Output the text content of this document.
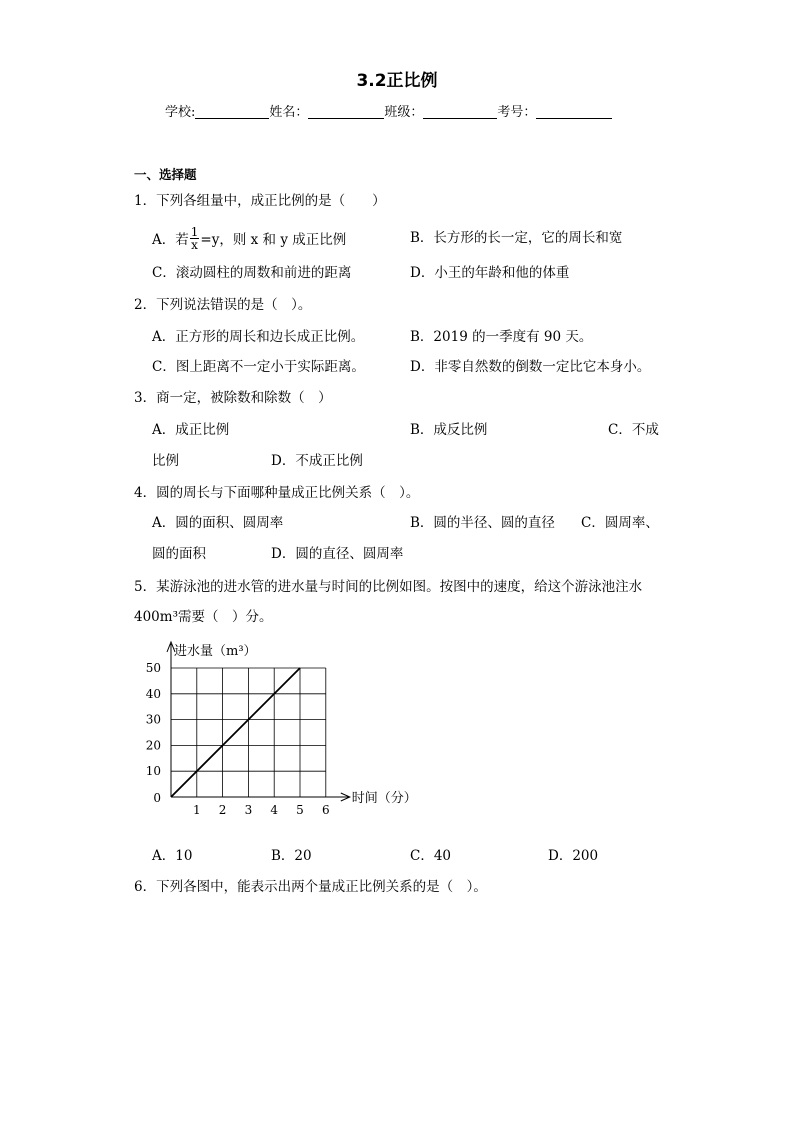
3.2正比例
学校:	姓名：	班级：	考号：
一、选择题
1．下列各组量中，成正比例的是（　　）
A．若 $\frac{1}{x} =y$，则 x 和 y 成正比例	B．长方形的长一定，它的周长和宽
C．滚动圆柱的周数和前进的距离	D．小王的年龄和他的体重
2．下列说法错误的是（　）。
A．正方形的周长和边长成正比例。	B．2019 的一季度有 90 天。
C．图上距离不一定小于实际距离。	D．非零自然数的倒数一定比它本身小。
3．商一定，被除数和除数（　）
A．成正比例	B．成反比例	C．不成
比例	D．不成正比例
4．圆的周长与下面哪种量成正比例关系（　）。
A．圆的面积、圆周率	B．圆的半径、圆的直径 C．圆周率、
圆的面积	D．圆的直径、圆周率
5．某游泳池的进水管的进水量与时间的比例如图。按图中的速度，给这个游泳池注水
400m³需要（　）分。
1 2 3 4 5 6
10
20
30
40
50
进水量（m³）
时间（分）
0
A．10	B．20	C．40	D．200
6．下列各图中，能表示出两个量成正比例关系的是（　）。
